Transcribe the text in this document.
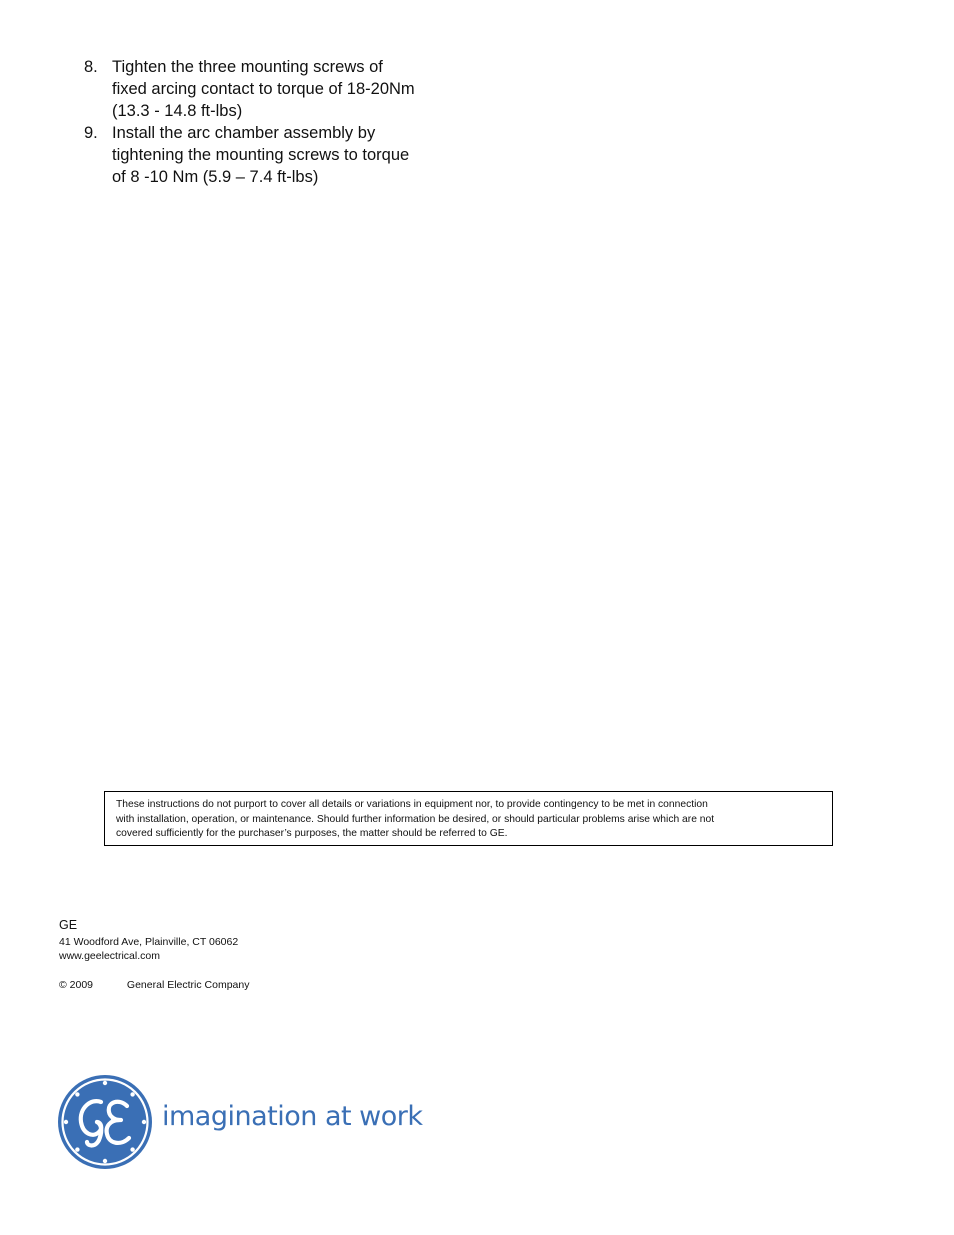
8. Tighten the three mounting screws of
fixed arcing contact to torque of 18-20Nm
(13.3 - 14.8 ft-lbs)
9. Install the arc chamber assembly by
tightening the mounting screws to torque
of 8 -10 Nm (5.9 – 7.4 ft-lbs)
These instructions do not purport to cover all details or variations in equipment nor, to provide contingency to be met in connection
with installation, operation, or maintenance. Should further information be desired, or should particular problems arise which are not
covered sufficiently for the purchaser’s purposes, the matter should be referred to GE.
GE
41 Woodford Ave, Plainville, CT 06062
www.geelectrical.com
© 2009	General Electric Company
imagination at work
